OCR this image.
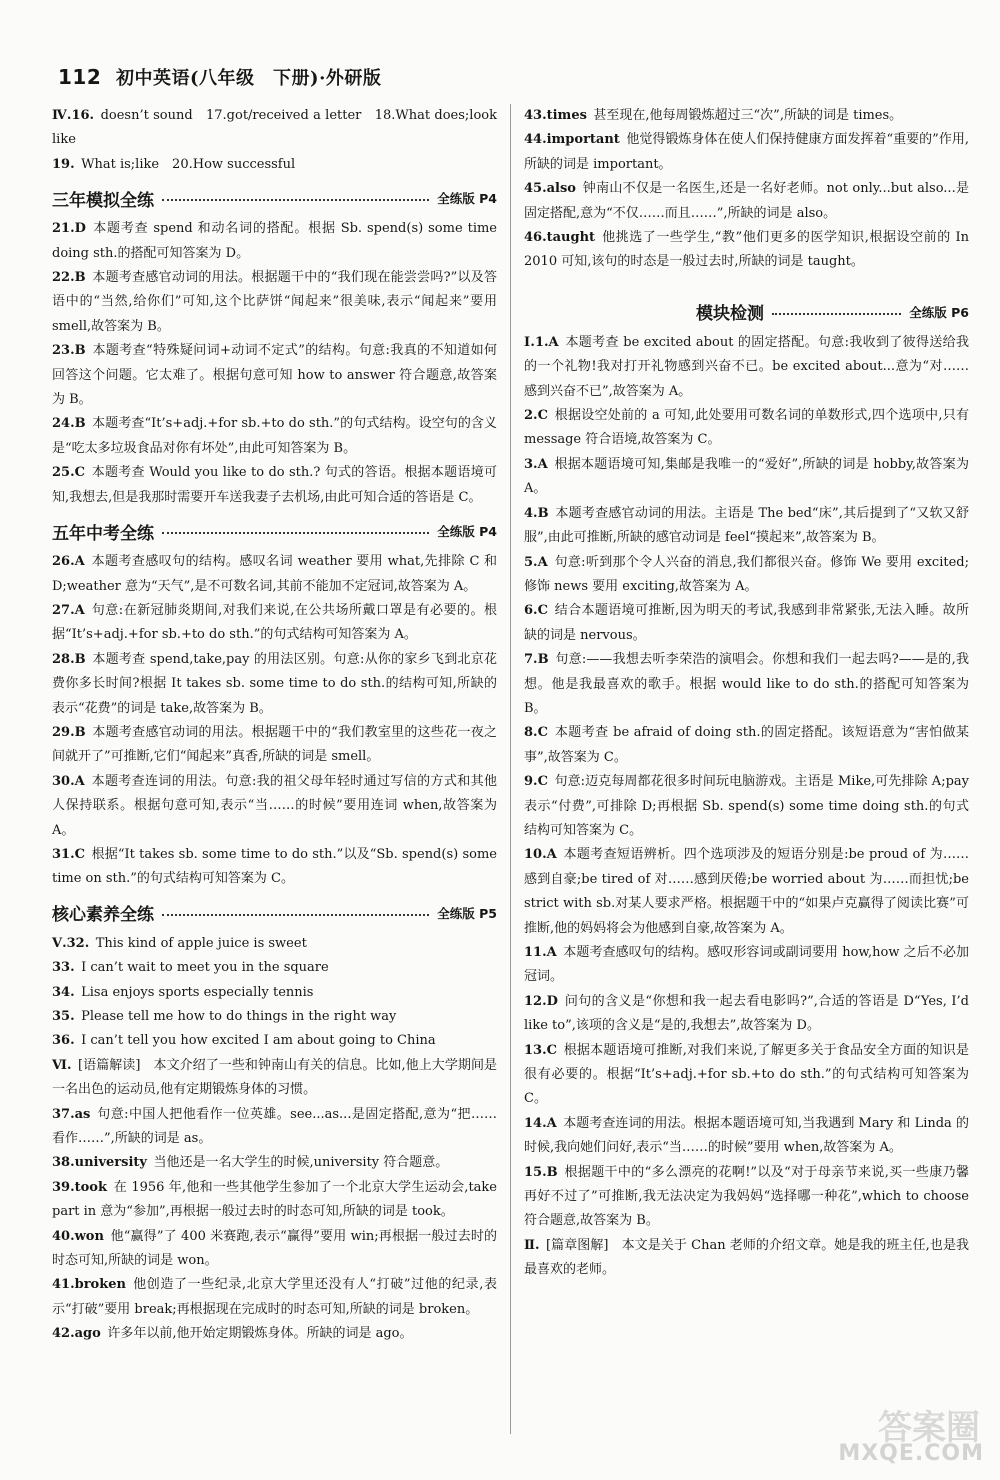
112 初中英语(八年级　下册)·外研版
Ⅳ.16.  doesn’t sound　17.got/received a letter　18.What does;look like
19.  What is;like　20.How successful
三年模拟全练	全练版 P4
21.D  本题考查 spend 和动名词的搭配。根据 Sb. spend(s) some time doing sth.的搭配可知答案为 D。
22.B  本题考查感官动词的用法。根据题干中的“我们现在能尝尝吗?”以及答语中的“当然,给你们”可知,这个比萨饼“闻起来”很美味,表示“闻起来”要用 smell,故答案为 B。
23.B  本题考查“特殊疑问词+动词不定式”的结构。句意:我真的不知道如何回答这个问题。它太难了。根据句意可知 how to answer 符合题意,故答案为 B。
24.B  本题考查“It’s+adj.+for sb.+to do sth.”的句式结构。设空句的含义是“吃太多垃圾食品对你有坏处”,由此可知答案为 B。
25.C  本题考查 Would you like to do sth.? 句式的答语。根据本题语境可知,我想去,但是我那时需要开车送我妻子去机场,由此可知合适的答语是 C。
五年中考全练	全练版 P4
26.A  本题考查感叹句的结构。感叹名词 weather 要用 what,先排除 C 和 D;weather 意为“天气”,是不可数名词,其前不能加不定冠词,故答案为 A。
27.A  句意:在新冠肺炎期间,对我们来说,在公共场所戴口罩是有必要的。根据“It’s+adj.+for sb.+to do sth.”的句式结构可知答案为 A。
28.B  本题考查 spend,take,pay 的用法区别。句意:从你的家乡飞到北京花费你多长时间?根据 It takes sb. some time to do sth.的结构可知,所缺的表示“花费”的词是 take,故答案为 B。
29.B  本题考查感官动词的用法。根据题干中的“我们教室里的这些花一夜之间就开了”可推断,它们“闻起来”真香,所缺的词是 smell。
30.A  本题考查连词的用法。句意:我的祖父母年轻时通过写信的方式和其他人保持联系。根据句意可知,表示“当……的时候”要用连词 when,故答案为 A。
31.C  根据“It takes sb. some time to do sth.”以及“Sb. spend(s) some time on sth.”的句式结构可知答案为 C。
核心素养全练	全练版 P5
Ⅴ.32.  This kind of apple juice is sweet
33.  I can’t wait to meet you in the square
34.  Lisa enjoys sports especially tennis
35.  Please tell me how to do things in the right way
36.  I can’t tell you how excited I am about going to China
Ⅵ.  [语篇解读]　本文介绍了一些和钟南山有关的信息。比如,他上大学期间是一名出色的运动员,他有定期锻炼身体的习惯。
37.as  句意:中国人把他看作一位英雄。see...as...是固定搭配,意为“把……看作……”,所缺的词是 as。
38.university  当他还是一名大学生的时候,university 符合题意。
39.took  在 1956 年,他和一些其他学生参加了一个北京大学生运动会,take part in 意为“参加”,再根据一般过去时的时态可知,所缺的词是 took。
40.won  他“赢得”了 400 米赛跑,表示“赢得”要用 win;再根据一般过去时的时态可知,所缺的词是 won。
41.broken  他创造了一些纪录,北京大学里还没有人“打破”过他的纪录,表示“打破”要用 break;再根据现在完成时的时态可知,所缺的词是 broken。
42.ago  许多年以前,他开始定期锻炼身体。所缺的词是 ago。
43.times  甚至现在,他每周锻炼超过三“次”,所缺的词是 times。
44.important  他觉得锻炼身体在使人们保持健康方面发挥着“重要的”作用,所缺的词是 important。
45.also  钟南山不仅是一名医生,还是一名好老师。not only...but also...是固定搭配,意为“不仅……而且……”,所缺的词是 also。
46.taught  他挑选了一些学生,“教”他们更多的医学知识,根据设空前的 In 2010 可知,该句的时态是一般过去时,所缺的词是 taught。
模块检测	全练版 P6
Ⅰ.1.A  本题考查 be excited about 的固定搭配。句意:我收到了彼得送给我的一个礼物!我对打开礼物感到兴奋不已。be excited about...意为“对……感到兴奋不已”,故答案为 A。
2.C  根据设空处前的 a 可知,此处要用可数名词的单数形式,四个选项中,只有 message 符合语境,故答案为 C。
3.A  根据本题语境可知,集邮是我唯一的“爱好”,所缺的词是 hobby,故答案为 A。
4.B  本题考查感官动词的用法。主语是 The bed“床”,其后提到了“又软又舒服”,由此可推断,所缺的感官动词是 feel“摸起来”,故答案为 B。
5.A  句意:听到那个令人兴奋的消息,我们都很兴奋。修饰 We 要用 excited;修饰 news 要用 exciting,故答案为 A。
6.C  结合本题语境可推断,因为明天的考试,我感到非常紧张,无法入睡。故所缺的词是 nervous。
7.B  句意:——我想去听李荣浩的演唱会。你想和我们一起去吗?——是的,我想。他是我最喜欢的歌手。根据 would like to do sth.的搭配可知答案为 B。
8.C  本题考查 be afraid of doing sth.的固定搭配。该短语意为“害怕做某事”,故答案为 C。
9.C  句意:迈克每周都花很多时间玩电脑游戏。主语是 Mike,可先排除 A;pay 表示“付费”,可排除 D;再根据 Sb. spend(s) some time doing sth.的句式结构可知答案为 C。
10.A  本题考查短语辨析。四个选项涉及的短语分别是:be proud of 为……感到自豪;be tired of 对……感到厌倦;be worried about 为……而担忧;be strict with sb.对某人要求严格。根据题干中的“如果卢克赢得了阅读比赛”可推断,他的妈妈将会为他感到自豪,故答案为 A。
11.A  本题考查感叹句的结构。感叹形容词或副词要用 how,how 之后不必加冠词。
12.D  问句的含义是“你想和我一起去看电影吗?”,合适的答语是 D“Yes, I’d like to”,该项的含义是“是的,我想去”,故答案为 D。
13.C  根据本题语境可推断,对我们来说,了解更多关于食品安全方面的知识是很有必要的。根据“It’s+adj.+for sb.+to do sth.”的句式结构可知答案为 C。
14.A  本题考查连词的用法。根据本题语境可知,当我遇到 Mary 和 Linda 的时候,我向她们问好,表示“当……的时候”要用 when,故答案为 A。
15.B  根据题干中的“多么漂亮的花啊!”以及“对于母亲节来说,买一些康乃馨再好不过了”可推断,我无法决定为我妈妈“选择哪一种花”,which to choose 符合题意,故答案为 B。
Ⅱ.  [篇章图解]　本文是关于 Chan 老师的介绍文章。她是我的班主任,也是我最喜欢的老师。
答案圈
MXQE.COM
